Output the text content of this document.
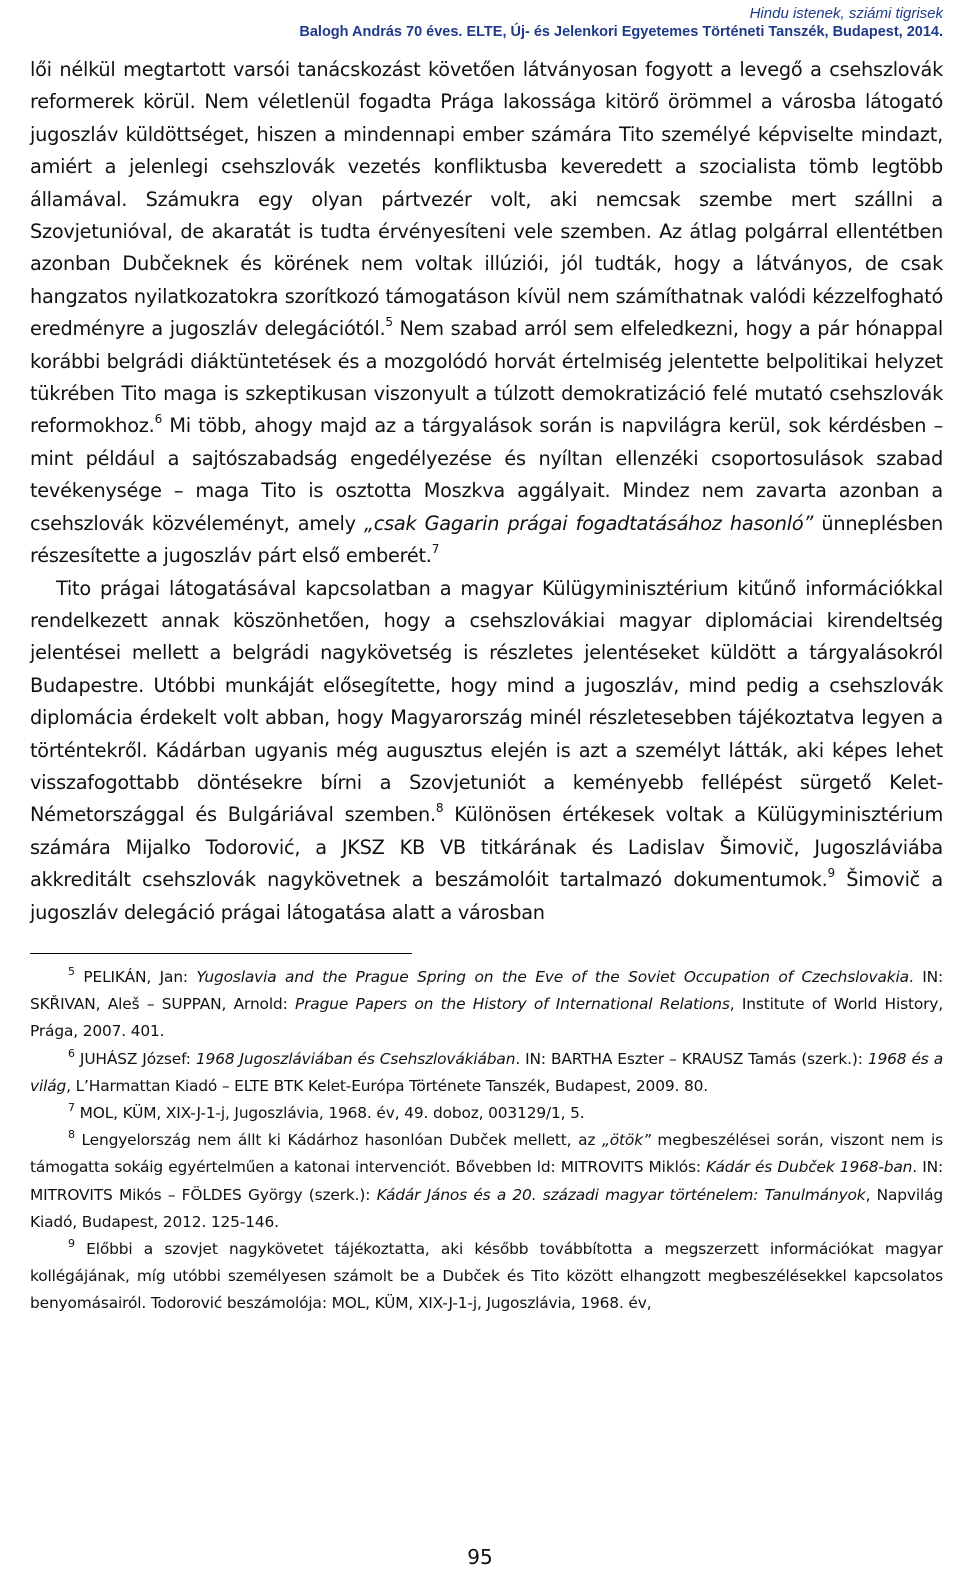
Hindu istenek, sziámi tigrisek
Balogh András 70 éves. ELTE, Új- és Jelenkori Egyetemes Történeti Tanszék, Budapest, 2014.

lői nélkül megtartott varsói tanácskozást követően látványosan fogyott a levegő a csehszlovák reformerek körül. Nem véletlenül fogadta Prága lakossága kitörő örömmel a városba látogató jugoszláv küldöttséget, hiszen a mindennapi ember számára Tito személyé képviselte mindazt, amiért a jelenlegi csehszlovák vezetés konfliktusba keveredett a szocialista tömb legtöbb államával. Számukra egy olyan pártvezér volt, aki nemcsak szembe mert szállni a Szovjetunióval, de akaratát is tudta érvényesíteni vele szemben. Az átlag polgárral ellentétben azonban Dubčeknek és körének nem voltak illúziói, jól tudták, hogy a látványos, de csak hangzatos nyilatkozatokra szorítkozó támogatáson kívül nem számíthatnak valódi kézzelfogható eredményre a jugoszláv delegációtól.$^5$ Nem szabad arról sem elfeledkezni, hogy a pár hónappal korábbi belgrádi diáktüntetések és a mozgolódó horvát értelmiség jelentette belpolitikai helyzet tükrében Tito maga is szkeptikusan viszonyult a túlzott demokratizáció felé mutató csehszlovák reformokhoz.$^6$ Mi több, ahogy majd az a tárgyalások során is napvilágra kerül, sok kérdésben – mint például a sajtószabadság engedélyezése és nyíltan ellenzéki csoportosulások szabad tevékenysége – maga Tito is osztotta Moszkva aggályait. Mindez nem zavarta azonban a csehszlovák közvéleményt, amely „csak Gagarin prágai fogadtatásához hasonló” ünneplésben részesítette a jugoszláv párt első emberét.$^7$

Tito prágai látogatásával kapcsolatban a magyar Külügyminisztérium kitűnő információkkal rendelkezett annak köszönhetően, hogy a csehszlovákiai magyar diplomáciai kirendeltség jelentései mellett a belgrádi nagykövetség is részletes jelentéseket küldött a tárgyalásokról Budapestre. Utóbbi munkáját elősegítette, hogy mind a jugoszláv, mind pedig a csehszlovák diplomácia érdekelt volt abban, hogy Magyarország minél részletesebben tájékoztatva legyen a történtekről. Kádárban ugyanis még augusztus elején is azt a személyt látták, aki képes lehet visszafogottabb döntésekre bírni a Szovjetuniót a keményebb fellépést sürgető Kelet-Németországgal és Bulgáriával szemben.$^8$ Különösen értékesek voltak a Külügyminisztérium számára Mijalko Todorović, a JKSZ KB VB titkárának és Ladislav Šimovič, Jugoszláviába akkreditált csehszlovák nagykövetnek a beszámolóit tartalmazó dokumentumok.$^9$ Šimovič a jugoszláv delegáció prágai látogatása alatt a városban

$^5$ PELIKÁN, Jan: Yugoslavia and the Prague Spring on the Eve of the Soviet Occupation of Czechslovakia. IN: SKŘIVAN, Aleš – SUPPAN, Arnold: Prague Papers on the History of International Relations, Institute of World History, Prága, 2007. 401.

$^6$ JUHÁSZ József: 1968 Jugoszláviában és Csehszlovákiában. IN: BARTHA Eszter – KRAUSZ Tamás (szerk.): 1968 és a világ, L’Harmattan Kiadó – ELTE BTK Kelet-Európa Története Tanszék, Budapest, 2009. 80.

$^7$ MOL, KÜM, XIX-J-1-j, Jugoszlávia, 1968. év, 49. doboz, 003129/1, 5.

$^8$ Lengyelország nem állt ki Kádárhoz hasonlóan Dubček mellett, az „ötök” megbeszélései során, viszont nem is támogatta sokáig egyértelműen a katonai intervenciót. Bővebben ld: MITROVITS Miklós: Kádár és Dubček 1968-ban. IN: MITROVITS Mikós – FÖLDES György (szerk.): Kádár János és a 20. századi magyar történelem: Tanulmányok, Napvilág Kiadó, Budapest, 2012. 125-146.

$^9$ Előbbi a szovjet nagykövetet tájékoztatta, aki később továbbította a megszerzett információkat magyar kollégájának, míg utóbbi személyesen számolt be a Dubček és Tito között elhangzott megbeszélésekkel kapcsolatos benyomásairól. Todorović beszámolója: MOL, KÜM, XIX-J-1-j, Jugoszlávia, 1968. év,

95
